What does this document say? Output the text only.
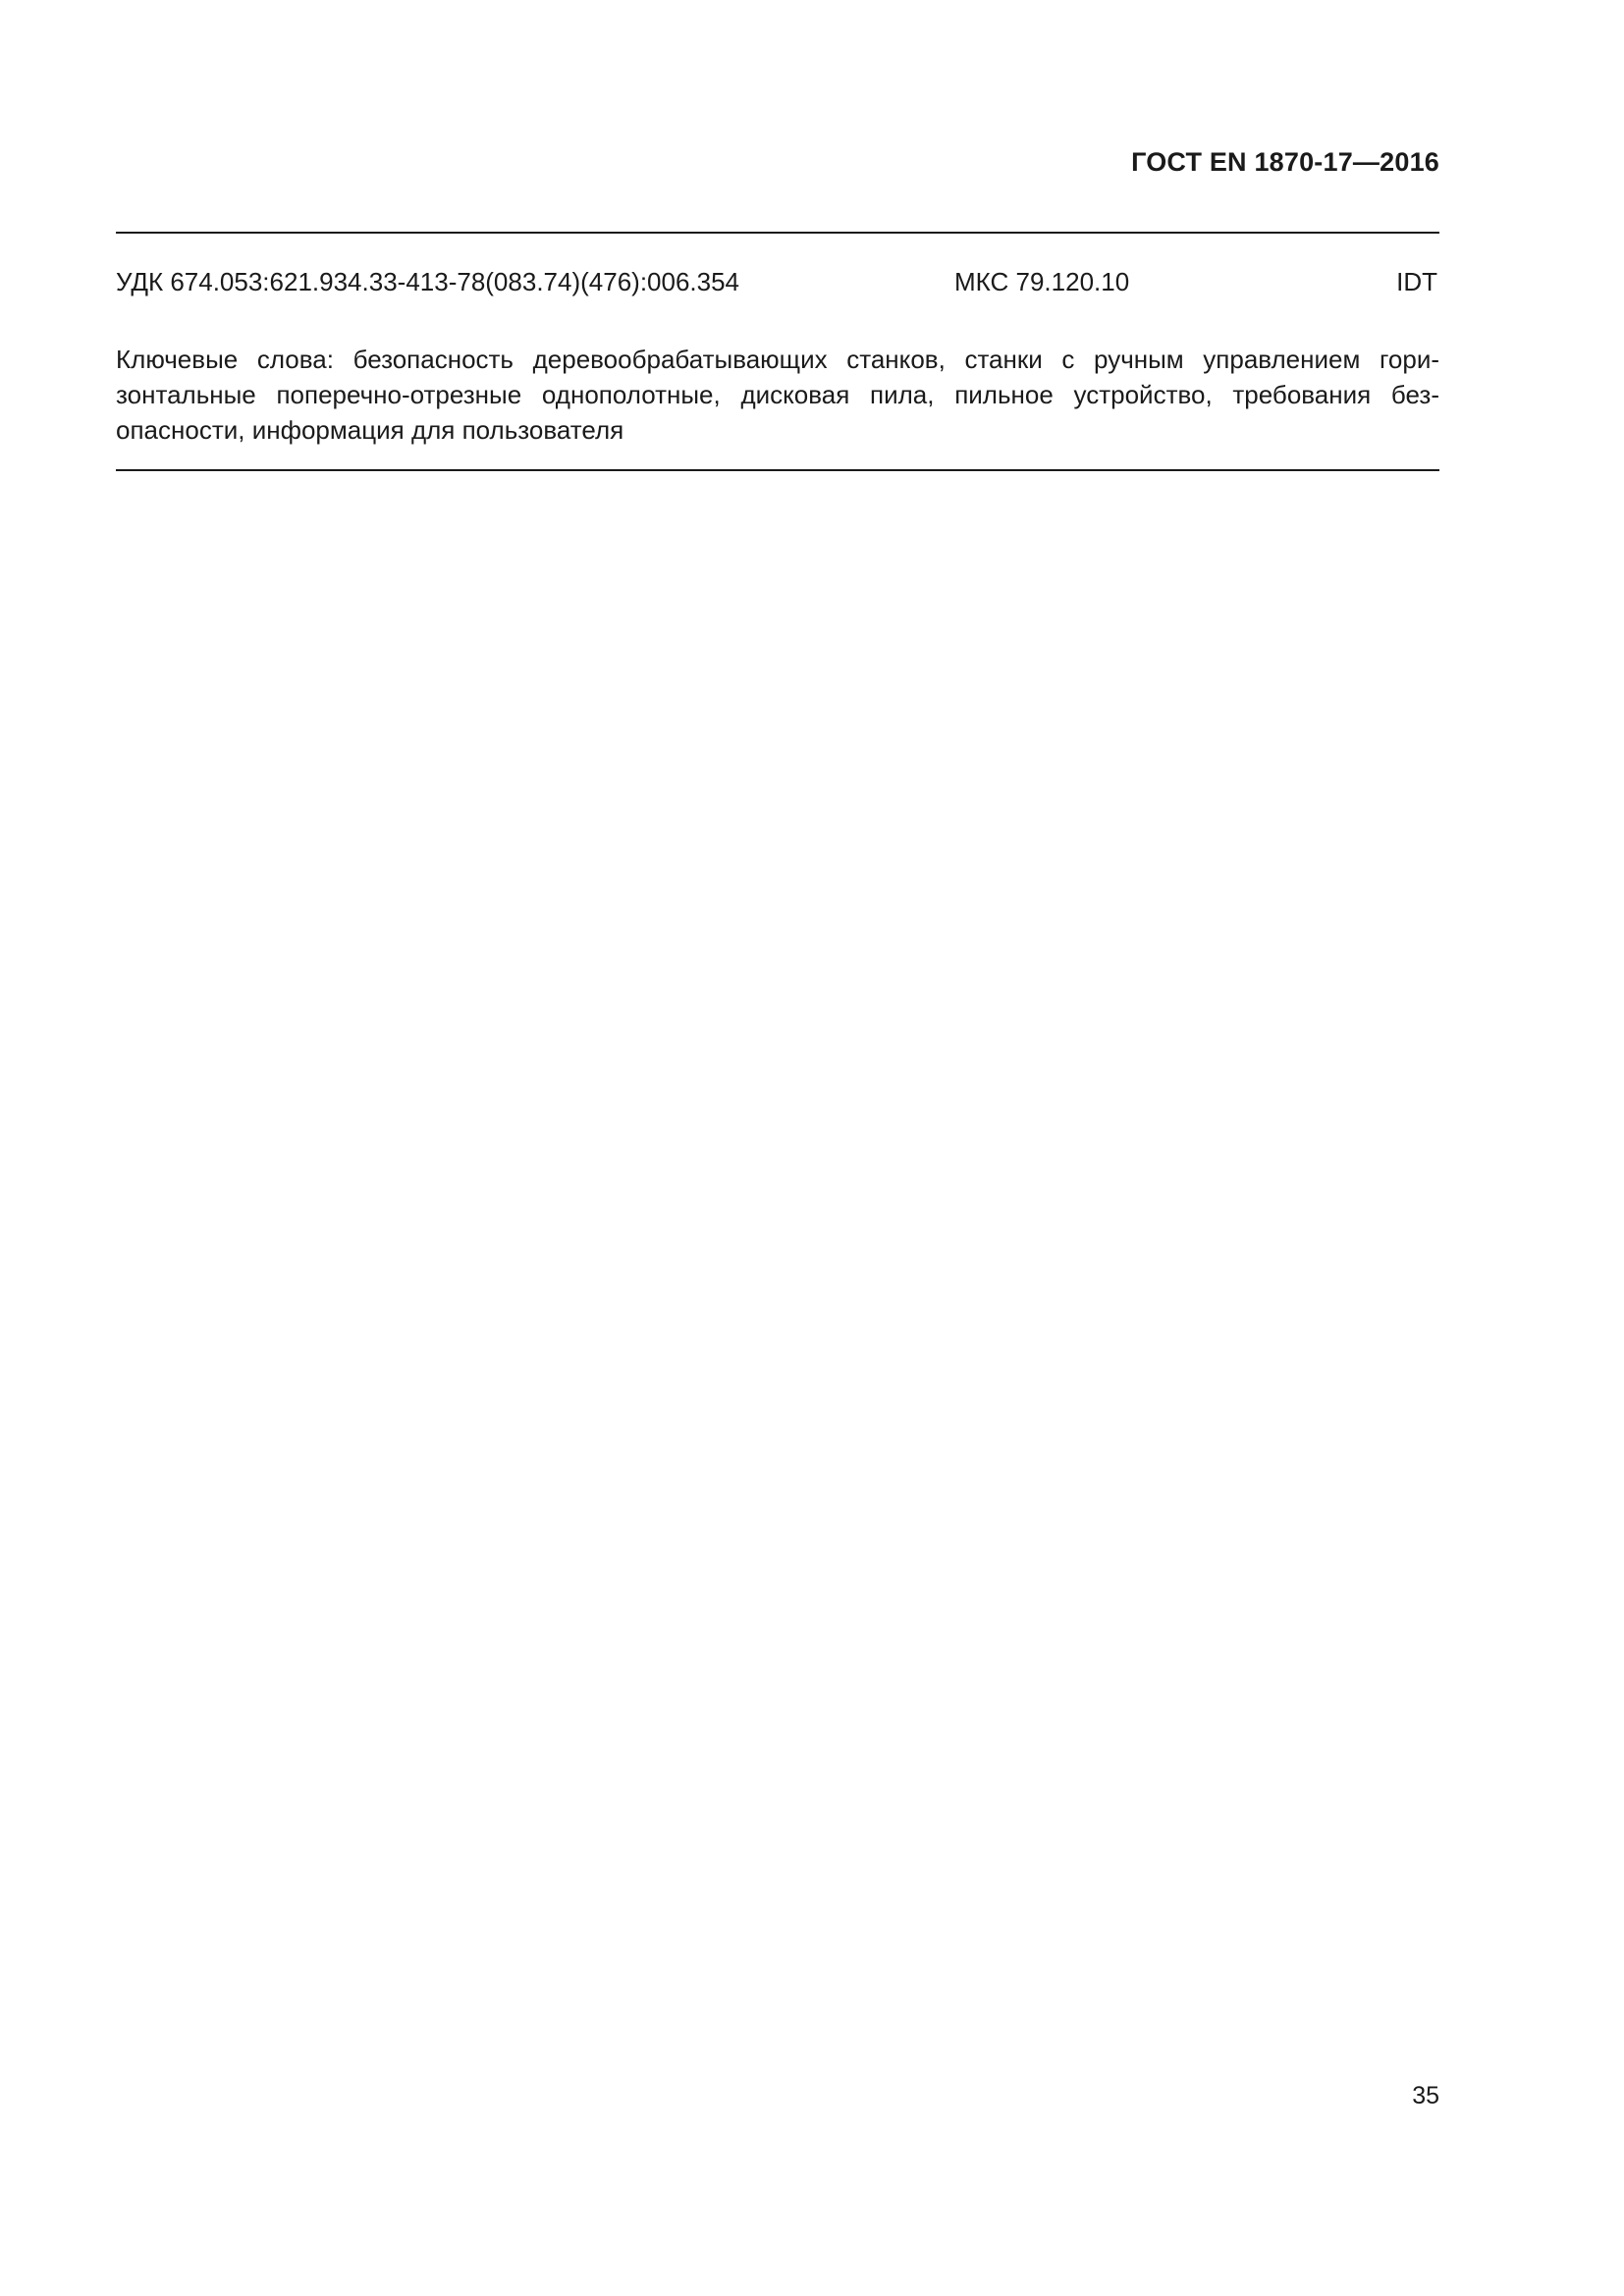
ГОСТ EN 1870-17—2016
УДК 674.053:621.934.33-413-78(083.74)(476):006.354	МКС 79.120.10	IDT
Ключевые слова: безопасность деревообрабатывающих станков, станки с ручным управлением гори-
зонтальные поперечно-отрезные однополотные, дисковая пила, пильное устройство, требования без-
опасности, информация для пользователя
35
